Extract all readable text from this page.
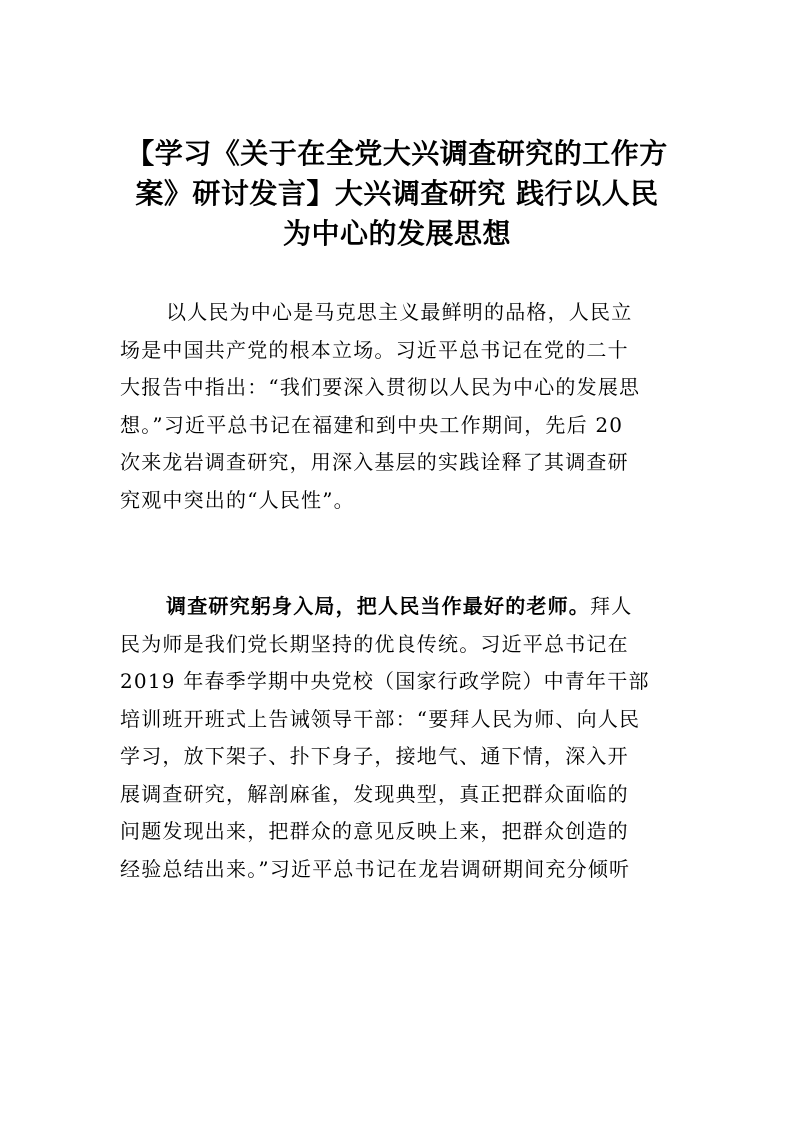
【学习《关于在全党大兴调查研究的工作方
案》研讨发言】大兴调查研究 践行以人民
为中心的发展思想
以人民为中心是马克思主义最鲜明的品格，人民立
场是中国共产党的根本立场。习近平总书记在党的二十
大报告中指出：“我们要深入贯彻以人民为中心的发展思
想。”习近平总书记在福建和到中央工作期间，先后 20
次来龙岩调查研究，用深入基层的实践诠释了其调查研
究观中突出的“人民性”。
调查研究躬身入局，把人民当作最好的老师。拜人
民为师是我们党长期坚持的优良传统。习近平总书记在
2019 年春季学期中央党校（国家行政学院）中青年干部
培训班开班式上告诫领导干部：“要拜人民为师、向人民
学习，放下架子、扑下身子，接地气、通下情，深入开
展调查研究，解剖麻雀，发现典型，真正把群众面临的
问题发现出来，把群众的意见反映上来，把群众创造的
经验总结出来。”习近平总书记在龙岩调研期间充分倾听
